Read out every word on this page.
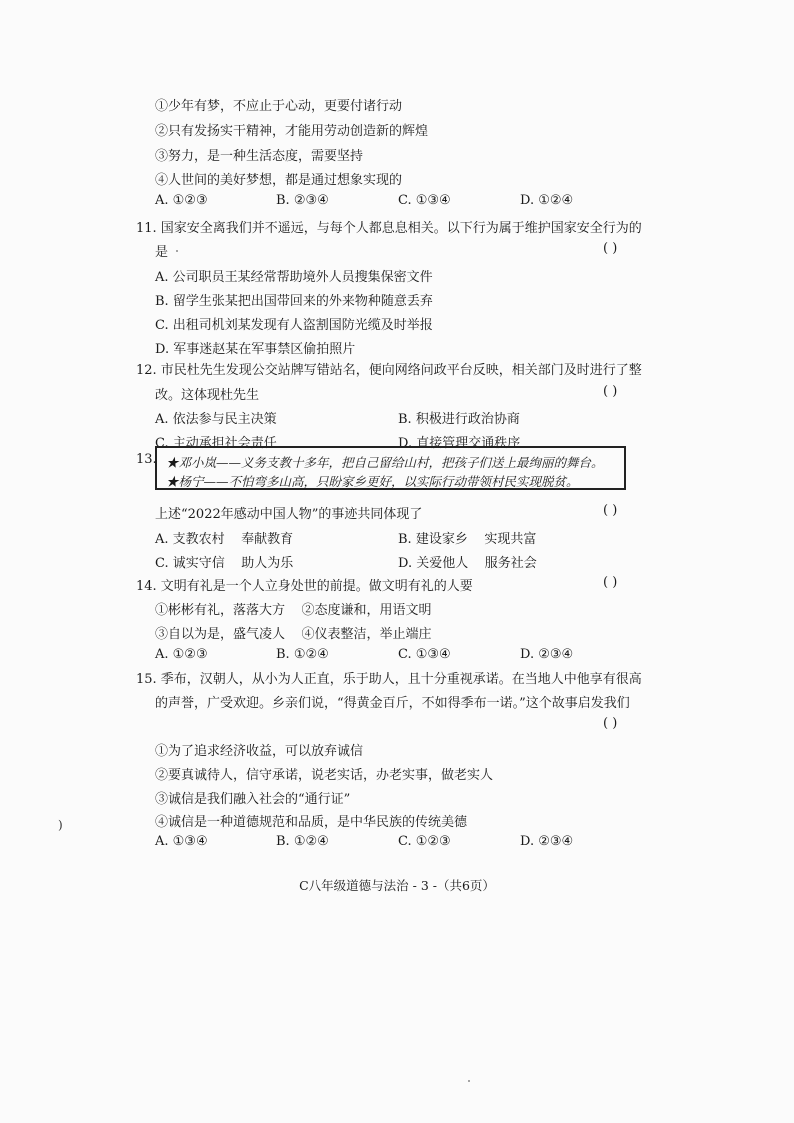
①少年有梦，不应止于心动，更要付诸行动
②只有发扬实干精神，才能用劳动创造新的辉煌
③努力，是一种生活态度，需要坚持
④人世间的美好梦想，都是通过想象实现的
A. ①②③	B. ②③④	C. ①③④	D. ①②④
11. 国家安全离我们并不遥远，与每个人都息息相关。以下行为属于维护国家安全行为的
是	( )
A. 公司职员王某经常帮助境外人员搜集保密文件
B. 留学生张某把出国带回来的外来物种随意丢弃
C. 出租司机刘某发现有人盗割国防光缆及时举报
D. 军事迷赵某在军事禁区偷拍照片
12. 市民杜先生发现公交站牌写错站名，便向网络问政平台反映，相关部门及时进行了整
改。这体现杜先生	( )
A. 依法参与民主决策	B. 积极进行政治协商
C. 主动承担社会责任	D. 直接管理交通秩序
13. ★邓小岚——义务支教十多年，把自己留给山村，把孩子们送上最绚丽的舞台。
★杨宁——不怕弯多山高，只盼家乡更好，以实际行动带领村民实现脱贫。
上述“2022年感动中国人物”的事迹共同体现了	( )
A. 支教农村    奉献教育	B. 建设家乡    实现共富
C. 诚实守信    助人为乐	D. 关爱他人    服务社会
14. 文明有礼是一个人立身处世的前提。做文明有礼的人要	( )
①彬彬有礼，落落大方    ②态度谦和，用语文明
③自以为是，盛气凌人    ④仪表整洁，举止端庄
A. ①②③	B. ①②④	C. ①③④	D. ②③④
15. 季布，汉朝人，从小为人正直，乐于助人，且十分重视承诺。在当地人中他享有很高
的声誉，广受欢迎。乡亲们说，“得黄金百斤，不如得季布一诺。”这个故事启发我们
( )
①为了追求经济收益，可以放弃诚信
②要真诚待人，信守承诺，说老实话，办老实事，做老实人
③诚信是我们融入社会的“通行证”
④诚信是一种道德规范和品质，是中华民族的传统美德
A. ①③④	B. ①②④	C. ①②③	D. ②③④
)
C八年级道德与法治 - 3 -（共6页）
